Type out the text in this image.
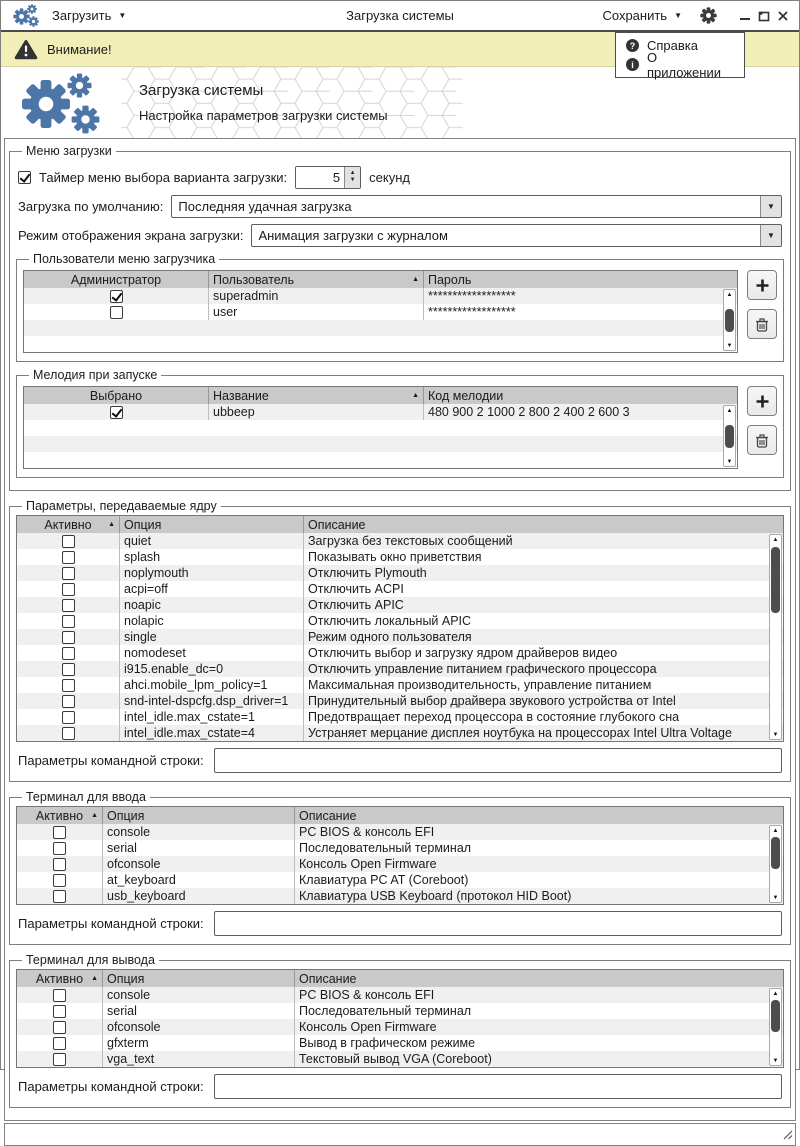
Загрузить ▼	Загрузка системы	Сохранить ▼
? Справка
i О приложении
Внимание!
Загрузка системы
Настройка параметров загрузки системы
Меню загрузки
Таймер меню выбора варианта загрузки:	5	▲
▼ секунд
Загрузка по умолчанию: Последняя удачная загрузка	▼
Режим отображения экрана загрузки: Анимация загрузки с журналом	▼
Пользователи меню загрузчика
Администратор	Пользователь	▲ Пароль
superadmin	******************
user	******************
▲
▼
Мелодия при запуске
Выбрано	Название	▲ Код мелодии
ubbeep	480 900 2 1000 2 800 2 400 2 600 3	▲
▼
Параметры, передаваемые ядру
Активно ▲ Опция	Описание
quiet	Загрузка без текстовых сообщений
splash	Показывать окно приветствия
noplymouth	Отключить Plymouth
acpi=off	Отключить ACPI
noapic	Отключить APIC
nolapic	Отключить локальный APIC
single	Режим одного пользователя
nomodeset	Отключить выбор и загрузку ядром драйверов видео
i915.enable_dc=0	Отключить управление питанием графического процессора
ahci.mobile_lpm_policy=1	Максимальная производительность, управление питанием
snd-intel-dspcfg.dsp_driver=1	Принудительный выбор драйвера звукового устройства от Intel
intel_idle.max_cstate=1	Предотвращает переход процессора в состояние глубокого сна
intel_idle.max_cstate=4	Устраняет мерцание дисплея ноутбука на процессорах Intel Ultra Voltage
▲
▼
Параметры командной строки:
Терминал для ввода
Активно ▲ Опция	Описание
console	PC BIOS & консоль EFI
serial	Последовательный терминал
ofconsole	Консоль Open Firmware
at_keyboard	Клавиатура PC AT (Coreboot)
usb_keyboard	Клавиатура USB Keyboard (протокол HID Boot)
▲
▼
Параметры командной строки:
Терминал для вывода
Активно ▲ Опция	Описание
console	PC BIOS & консоль EFI
serial	Последовательный терминал
ofconsole	Консоль Open Firmware
gfxterm	Вывод в графическом режиме
vga_text	Текстовый вывод VGA (Coreboot)
▲
▼
Параметры командной строки:
